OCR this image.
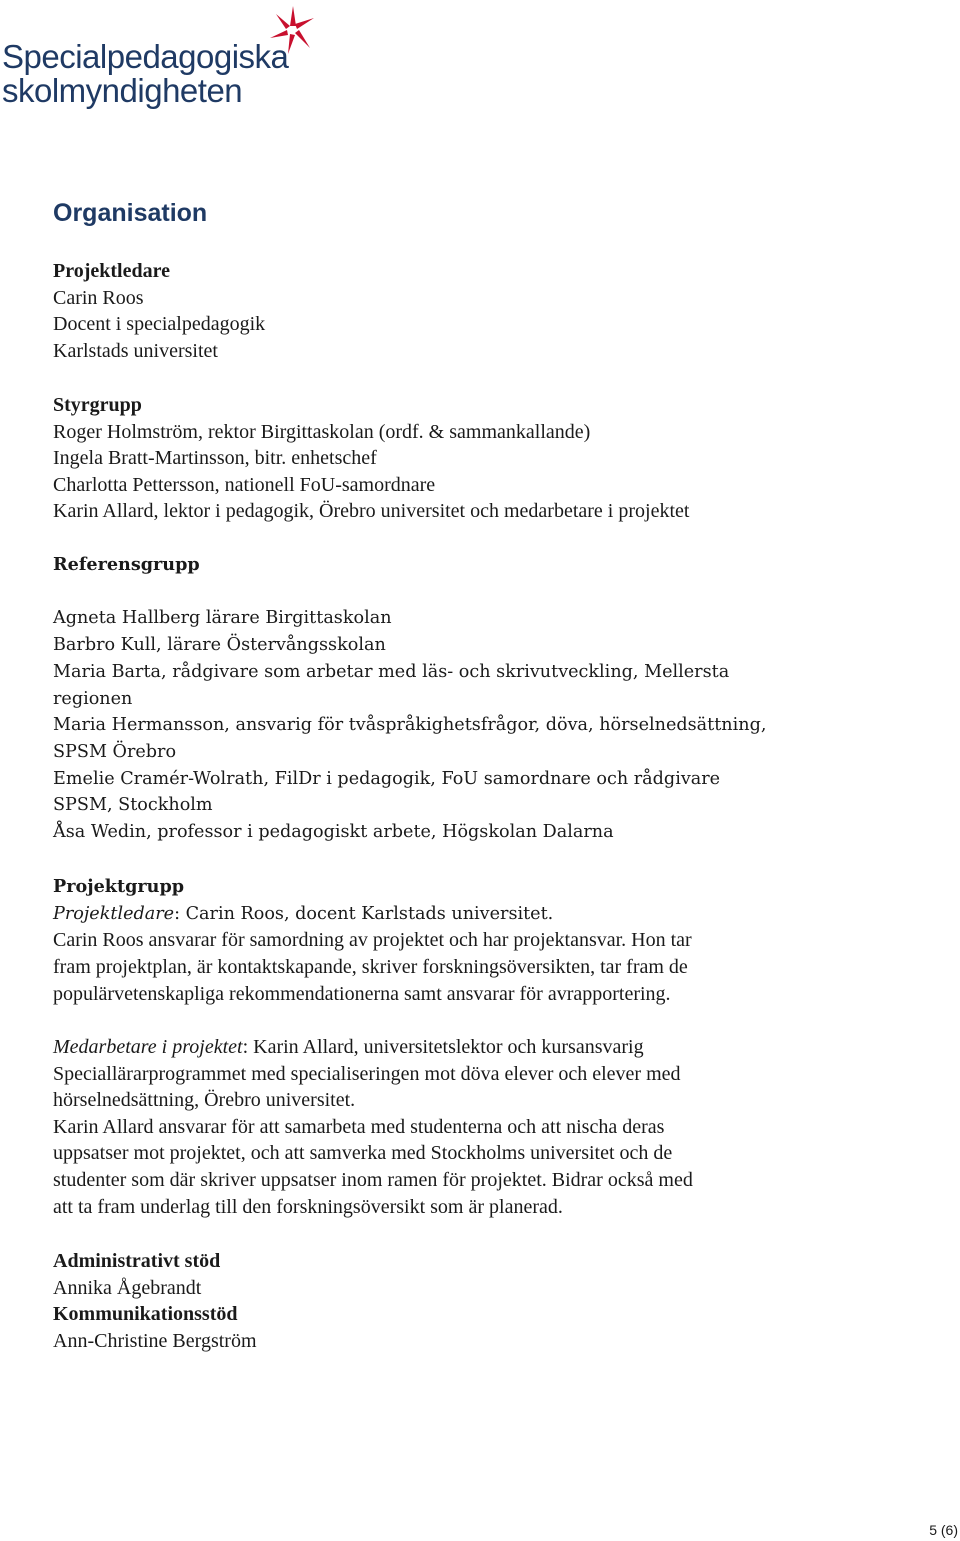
Specialpedagogiska
skolmyndigheten
Organisation
Projektledare
Carin Roos
Docent i specialpedagogik
Karlstads universitet
Styrgrupp
Roger Holmström, rektor Birgittaskolan (ordf. & sammankallande)
Ingela Bratt-Martinsson, bitr. enhetschef
Charlotta Pettersson, nationell FoU-samordnare
Karin Allard, lektor i pedagogik, Örebro universitet och medarbetare i projektet
Referensgrupp
Agneta Hallberg lärare Birgittaskolan
Barbro Kull, lärare Östervångsskolan
Maria Barta, rådgivare som arbetar med läs- och skrivutveckling, Mellersta
regionen
Maria Hermansson, ansvarig för tvåspråkighetsfrågor, döva, hörselnedsättning,
SPSM Örebro
Emelie Cramér-Wolrath, FilDr i pedagogik, FoU samordnare och rådgivare
SPSM, Stockholm
Åsa Wedin, professor i pedagogiskt arbete, Högskolan Dalarna
Projektgrupp
Projektledare: Carin Roos, docent Karlstads universitet.
Carin Roos ansvarar för samordning av projektet och har projektansvar. Hon tar
fram projektplan, är kontaktskapande, skriver forskningsöversikten, tar fram de
populärvetenskapliga rekommendationerna samt ansvarar för avrapportering.
Medarbetare i projektet: Karin Allard, universitetslektor och kursansvarig
Speciallärarprogrammet med specialiseringen mot döva elever och elever med
hörselnedsättning, Örebro universitet.
Karin Allard ansvarar för att samarbeta med studenterna och att nischa deras
uppsatser mot projektet, och att samverka med Stockholms universitet och de
studenter som där skriver uppsatser inom ramen för projektet. Bidrar också med
att ta fram underlag till den forskningsöversikt som är planerad.
Administrativt stöd
Annika Ågebrandt
Kommunikationsstöd
Ann-Christine Bergström
5 (6)
